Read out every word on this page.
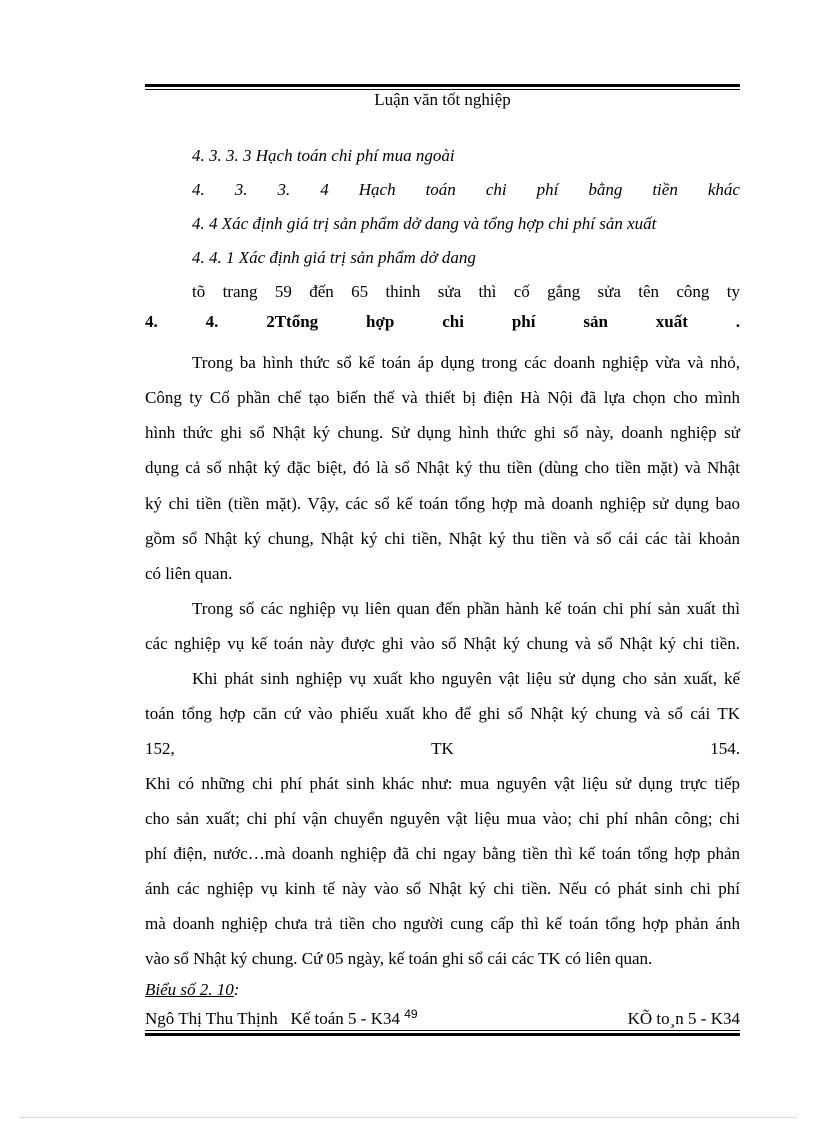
Luận văn tốt nghiệp
4. 3. 3. 3 Hạch toán chi phí mua ngoài
4. 3. 3. 4 Hạch toán chi phí bằng tiền khác
4. 4 Xác định giá trị sản phẩm dở dang và tổng hợp chi phí sản xuất
4. 4. 1 Xác định giá trị sản phẩm dở dang
tõ trang 59 đến 65 thinh sửa thì cố gắng sửa tên công ty
4.	4.	2Ttổng	hợp	chi	phí	sản	xuất	.
Trong ba hình thức sổ kế toán áp dụng trong các doanh nghiệp vừa và nhỏ,
Công ty Cổ phần chế tạo biến thế và thiết bị điện Hà Nội đã lựa chọn cho mình
hình thức ghi sổ Nhật ký chung. Sử dụng hình thức ghi sổ này, doanh nghiệp sử
dụng cả sổ nhật ký đặc biệt, đó là sổ Nhật ký thu tiền (dùng cho tiền mặt) và Nhật
ký chi tiền (tiền mặt). Vậy, các sổ kế toán tổng hợp mà doanh nghiệp sử dụng bao
gồm sổ Nhật ký chung, Nhật ký chi tiền, Nhật ký thu tiền và sổ cái các tài khoản
có liên quan.
Trong số các nghiệp vụ liên quan đến phần hành kế toán chi phí sản xuất thì
các nghiệp vụ kế toán này được ghi vào sổ Nhật ký chung và sổ Nhật ký chi tiền.
Khi phát sinh nghiệp vụ xuất kho nguyên vật liệu sử dụng cho sản xuất, kế
toán tổng hợp căn cứ vào phiếu xuất kho để ghi sổ Nhật ký chung và sổ cái TK
152,	TK	154.
Khi có những chi phí phát sinh khác như: mua nguyên vật liệu sử dụng trực tiếp
cho sản xuất; chi phí vận chuyển nguyên vật liệu mua vào; chi phí nhân công; chi
phí điện, nước…mà doanh nghiệp đã chi ngay bằng tiền thì kế toán tổng hợp phản
ánh các nghiệp vụ kinh tế này vào sổ Nhật ký chi tiền. Nếu có phát sinh chi phí
mà doanh nghiệp chưa trả tiền cho người cung cấp thì kế toán tổng hợp phản ánh
vào sổ Nhật ký chung. Cứ 05 ngày, kế toán ghi sổ cái các TK có liên quan.
Biểu số 2. 10:
Ngô Thị Thu Thịnh Kế toán 5 - K34 $^{49}$	KÕ to¸n 5 - K34
